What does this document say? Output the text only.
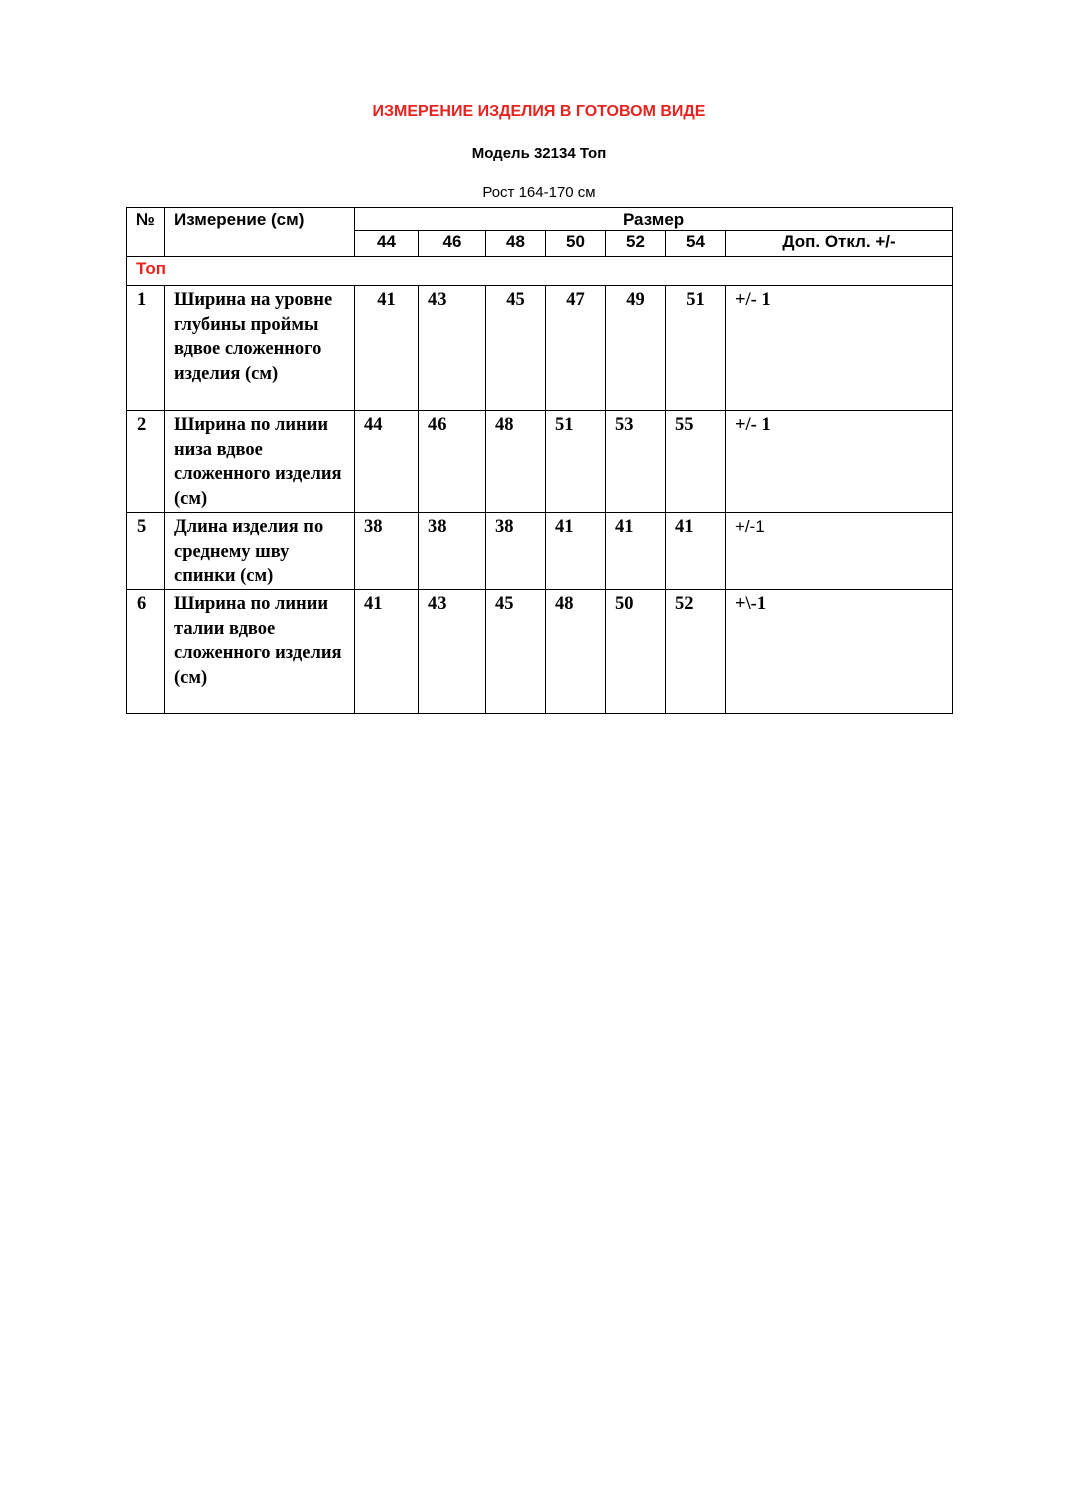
ИЗМЕРЕНИЕ ИЗДЕЛИЯ В ГОТОВОМ ВИДЕ
Модель 32134 Топ
Рост 164-170 см
№	Измерение (см)	Размер						
		44	46	48	50	52	54	Доп. Откл. +/-
Топ								
1	Ширина на уровне глубины проймы вдвое сложенного изделия (см)	41	43	45	47	49	51	+/- 1
2	Ширина по линии низа вдвое сложенного изделия (см)	44	46	48	51	53	55	+/- 1
5	Длина изделия по среднему шву спинки (см)	38	38	38	41	41	41	+/-1
6	Ширина по линии талии вдвое сложенного изделия (см)	41	43	45	48	50	52	+\-1
